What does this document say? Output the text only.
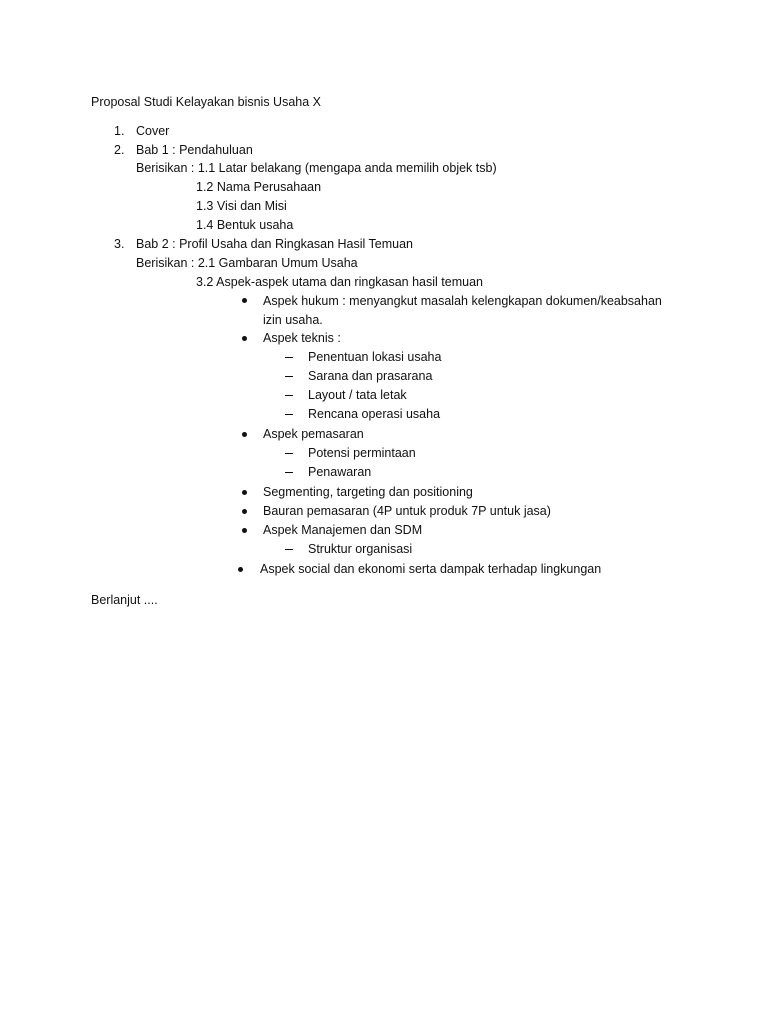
Proposal Studi Kelayakan bisnis Usaha X
1. Cover
2. Bab 1 : Pendahuluan
Berisikan : 1.1 Latar belakang (mengapa anda memilih objek tsb)
1.2 Nama Perusahaan
1.3 Visi dan Misi
1.4 Bentuk usaha
3. Bab 2 : Profil Usaha dan Ringkasan Hasil Temuan
Berisikan : 2.1 Gambaran Umum Usaha
3.2 Aspek-aspek utama dan ringkasan hasil temuan
Aspek hukum : menyangkut masalah kelengkapan dokumen/keabsahan
izin usaha.
Aspek teknis :
Penentuan lokasi usaha
Sarana dan prasarana
Layout / tata letak
Rencana operasi usaha
Aspek pemasaran
Potensi permintaan
Penawaran
Segmenting, targeting dan positioning
Bauran pemasaran (4P untuk produk 7P untuk jasa)
Aspek Manajemen dan SDM
Struktur organisasi
Aspek social dan ekonomi serta dampak terhadap lingkungan
Berlanjut ....
